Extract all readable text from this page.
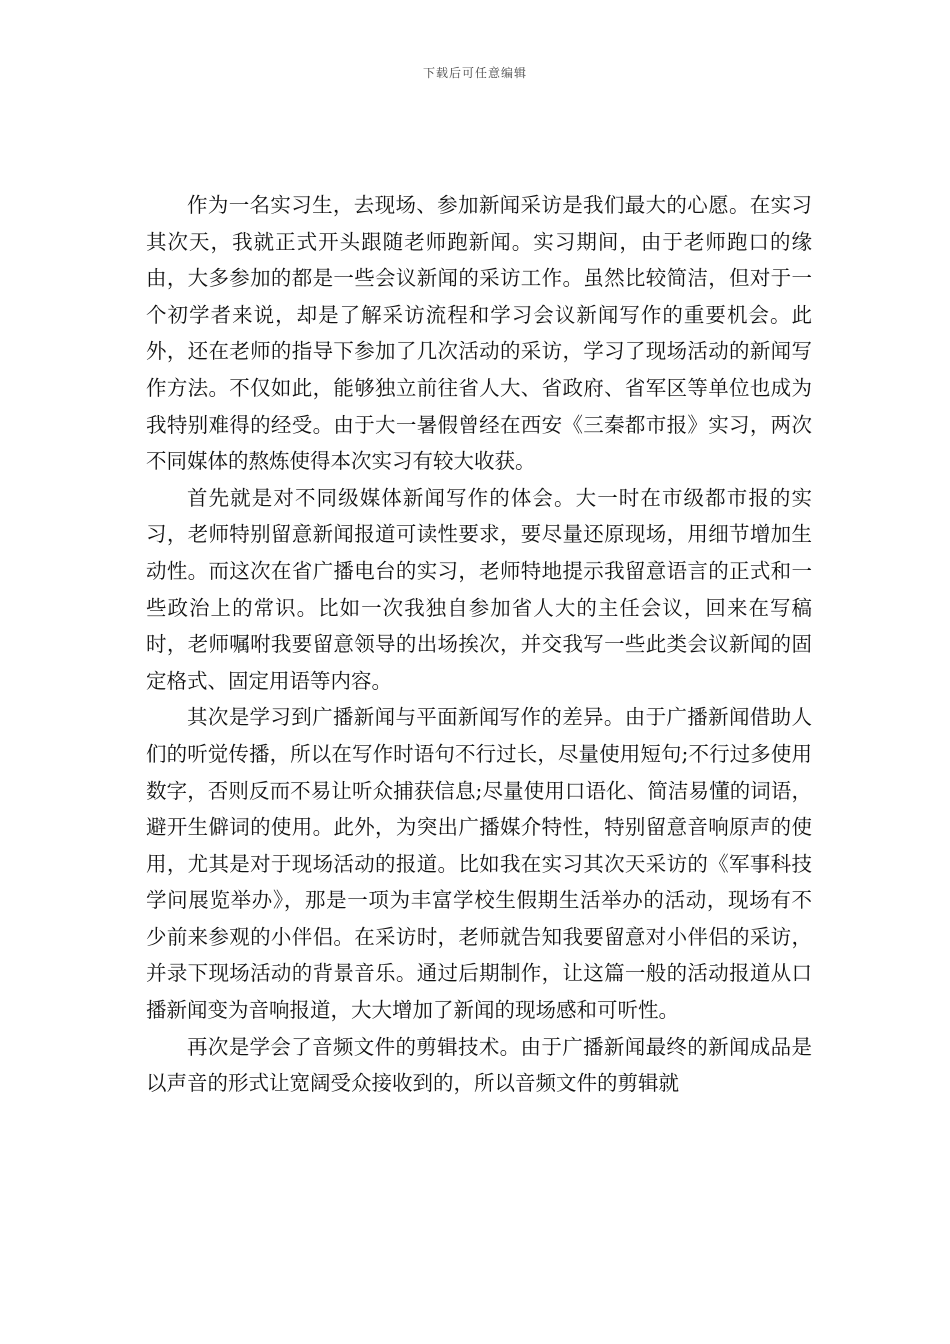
下载后可任意编辑

作为一名实习生，去现场、参加新闻采访是我们最大的心愿。在实习其次天，我就正式开头跟随老师跑新闻。实习期间，由于老师跑口的缘由，大多参加的都是一些会议新闻的采访工作。虽然比较简洁，但对于一个初学者来说，却是了解采访流程和学习会议新闻写作的重要机会。此外，还在老师的指导下参加了几次活动的采访，学习了现场活动的新闻写作方法。不仅如此，能够独立前往省人大、省政府、省军区等单位也成为我特别难得的经受。由于大一暑假曾经在西安《三秦都市报》实习，两次不同媒体的熬炼使得本次实习有较大收获。

首先就是对不同级媒体新闻写作的体会。大一时在市级都市报的实习，老师特别留意新闻报道可读性要求，要尽量还原现场，用细节增加生动性。而这次在省广播电台的实习，老师特地提示我留意语言的正式和一些政治上的常识。比如一次我独自参加省人大的主任会议，回来在写稿时，老师嘱咐我要留意领导的出场挨次，并交我写一些此类会议新闻的固定格式、固定用语等内容。

其次是学习到广播新闻与平面新闻写作的差异。由于广播新闻借助人们的听觉传播，所以在写作时语句不行过长，尽量使用短句;不行过多使用数字，否则反而不易让听众捕获信息;尽量使用口语化、简洁易懂的词语，避开生僻词的使用。此外，为突出广播媒介特性，特别留意音响原声的使用，尤其是对于现场活动的报道。比如我在实习其次天采访的《军事科技学问展览举办》，那是一项为丰富学校生假期生活举办的活动，现场有不少前来参观的小伴侣。在采访时，老师就告知我要留意对小伴侣的采访，并录下现场活动的背景音乐。通过后期制作，让这篇一般的活动报道从口播新闻变为音响报道，大大增加了新闻的现场感和可听性。

再次是学会了音频文件的剪辑技术。由于广播新闻最终的新闻成品是以声音的形式让宽阔受众接收到的，所以音频文件的剪辑就
